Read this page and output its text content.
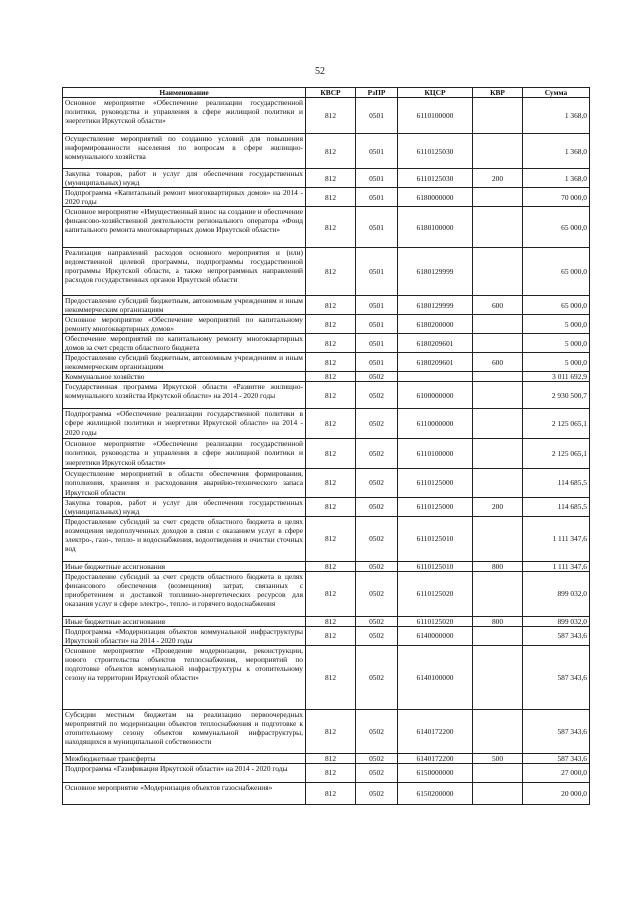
52
Наименование	КВСР	РзПР	КЦСР	КВР	Сумма
Основное мероприятие «Обеспечение реализации государственной политики, руководства и управления в сфере жилищной политики и энергетики Иркутской области»	812	0501	6110100000		1 368,0
Осуществление мероприятий по созданию условий для повышения информированности населения по вопросам в сфере жилищно-коммунального хозяйства	812	0501	6110125030		1 368,0
Закупка товаров, работ и услуг для обеспечения государственных (муниципальных) нужд	812	0501	6110125030	200	1 368,0
Подпрограмма «Капитальный ремонт многоквартирных домов» на 2014 - 2020 годы	812	0501	6180000000		70 000,0
Основное мероприятие «Имущественный взнос на создание и обеспечение финансово-хозяйственной деятельности регионального оператора «Фонд капитального ремонта многоквартирных домов Иркутской области»	812	0501	6180100000		65 000,0
Реализация направлений расходов основного мероприятия и (или) ведомственной целевой программы, подпрограммы государственной программы Иркутской области, а также непрограммных направлений расходов государственных органов Иркутской области	812	0501	6180129999		65 000,0
Предоставление субсидий бюджетным, автономным учреждениям и иным некоммерческим организациям	812	0501	6180129999	600	65 000,0
Основное мероприятие «Обеспечение мероприятий по капитальному ремонту многоквартирных домов»	812	0501	6180200000		5 000,0
Обеспечение мероприятий по капитальному ремонту многоквартирных домов за счет средств областного бюджета	812	0501	6180209601		5 000,0
Предоставление субсидий бюджетным, автономным учреждениям и иным некоммерческим организациям	812	0501	6180209601	600	5 000,0
Коммунальное хозяйство	812	0502			3 011 692,9
Государственная программа Иркутской области «Развитие жилищно-коммунального хозяйства Иркутской области» на 2014 - 2020 годы	812	0502	6100000000		2 930 500,7
Подпрограмма «Обеспечение реализации государственной политики в сфере жилищной политики и энергетики Иркутской области» на 2014 - 2020 годы	812	0502	6110000000		2 125 065,1
Основное мероприятие «Обеспечение реализации государственной политики, руководства и управления в сфере жилищной политики и энергетики Иркутской области»	812	0502	6110100000		2 125 065,1
Осуществление мероприятий в области обеспечения формирования, пополнения, хранения и расходования аварийно-технического запаса Иркутской области	812	0502	6110125000		114 685,5
Закупка товаров, работ и услуг для обеспечения государственных (муниципальных) нужд	812	0502	6110125000	200	114 685,5
Предоставление субсидий за счет средств областного бюджета в целях возмещения недополученных доходов в связи с оказанием услуг в сфере электро-, газо-, тепло- и водоснабжения, водоотведения и очистки сточных вод	812	0502	6110125010		1 111 347,6
Иные бюджетные ассигнования	812	0502	6110125010	800	1 111 347,6
Предоставление субсидий за счет средств областного бюджета в целях финансового обеспечения (возмещения) затрат, связанных с приобретением и доставкой топливно-энергетических ресурсов для оказания услуг в сфере электро-, тепло- и горячего водоснабжения	812	0502	6110125020		899 032,0
Иные бюджетные ассигнования	812	0502	6110125020	800	899 032,0
Подпрограмма «Модернизация объектов коммунальной инфраструктуры Иркутской области» на 2014 - 2020 годы	812	0502	6140000000		587 343,6
Основное мероприятие «Проведение модернизации, реконструкции, нового строительства объектов теплоснабжения, мероприятий по подготовке объектов коммунальной инфраструктуры к отопительному сезону на территории Иркутской области»	812	0502	6140100000		587 343,6
Субсидии местным бюджетам на реализацию первоочередных мероприятий по модернизации объектов теплоснабжения и подготовке к отопительному сезону объектов коммунальной инфраструктуры, находящихся в муниципальной собственности	812	0502	6140172200		587 343,6
Межбюджетные трансферты	812	0502	6140172200	500	587 343,6
Подпрограмма «Газификация Иркутской области» на 2014 - 2020 годы	812	0502	6150000000		27 000,0
Основное мероприятие «Модернизация объектов газоснабжения»	812	0502	6150200000		20 000,0
